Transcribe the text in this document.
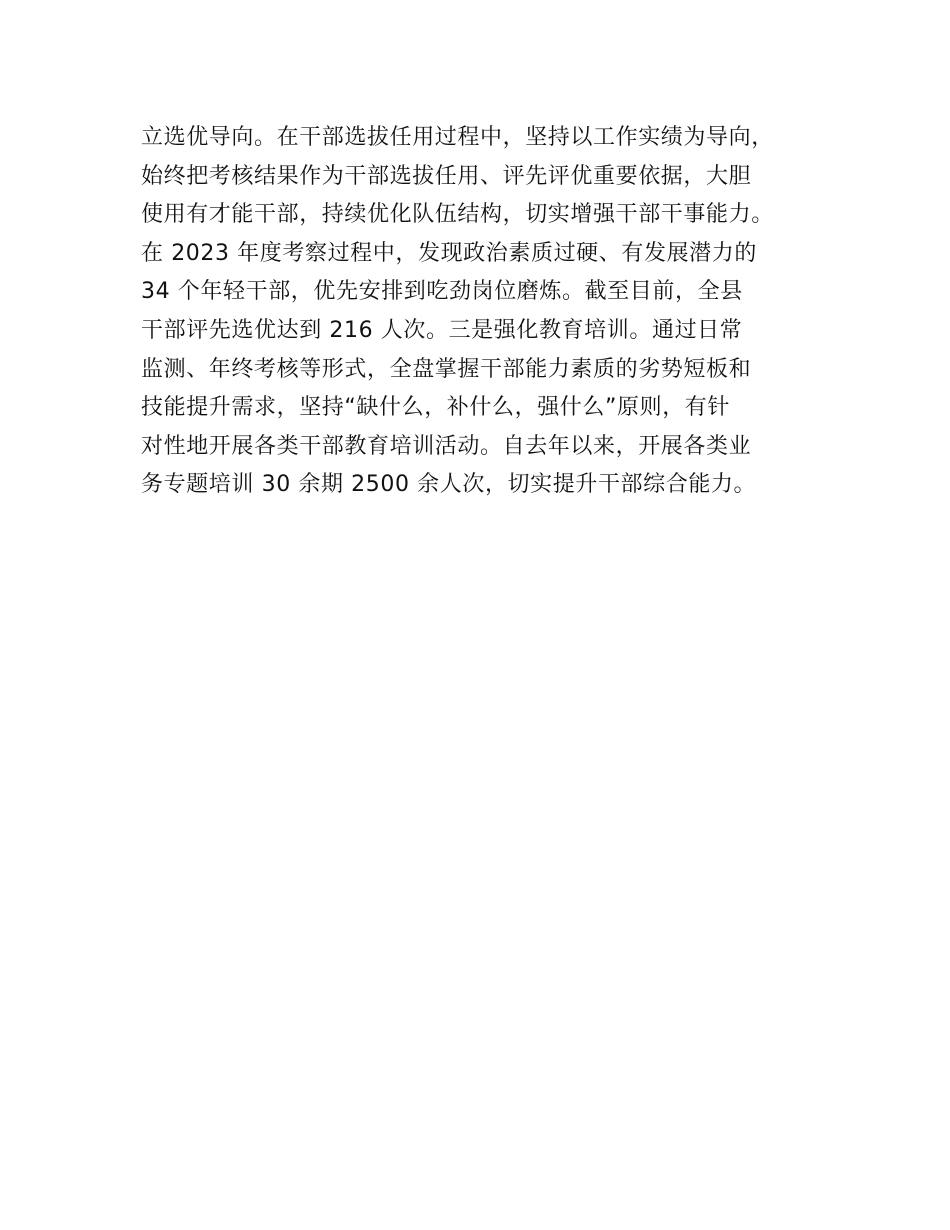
立选优导向。在干部选拔任用过程中，坚持以工作实绩为导向，
始终把考核结果作为干部选拔任用、评先评优重要依据，大胆
使用有才能干部，持续优化队伍结构，切实增强干部干事能力。
在 2023 年度考察过程中，发现政治素质过硬、有发展潜力的
34 个年轻干部，优先安排到吃劲岗位磨炼。截至目前，全县
干部评先选优达到 216 人次。三是强化教育培训。通过日常
监测、年终考核等形式，全盘掌握干部能力素质的劣势短板和
技能提升需求，坚持“缺什么，补什么，强什么”原则，有针
对性地开展各类干部教育培训活动。自去年以来，开展各类业
务专题培训 30 余期 2500 余人次，切实提升干部综合能力。
